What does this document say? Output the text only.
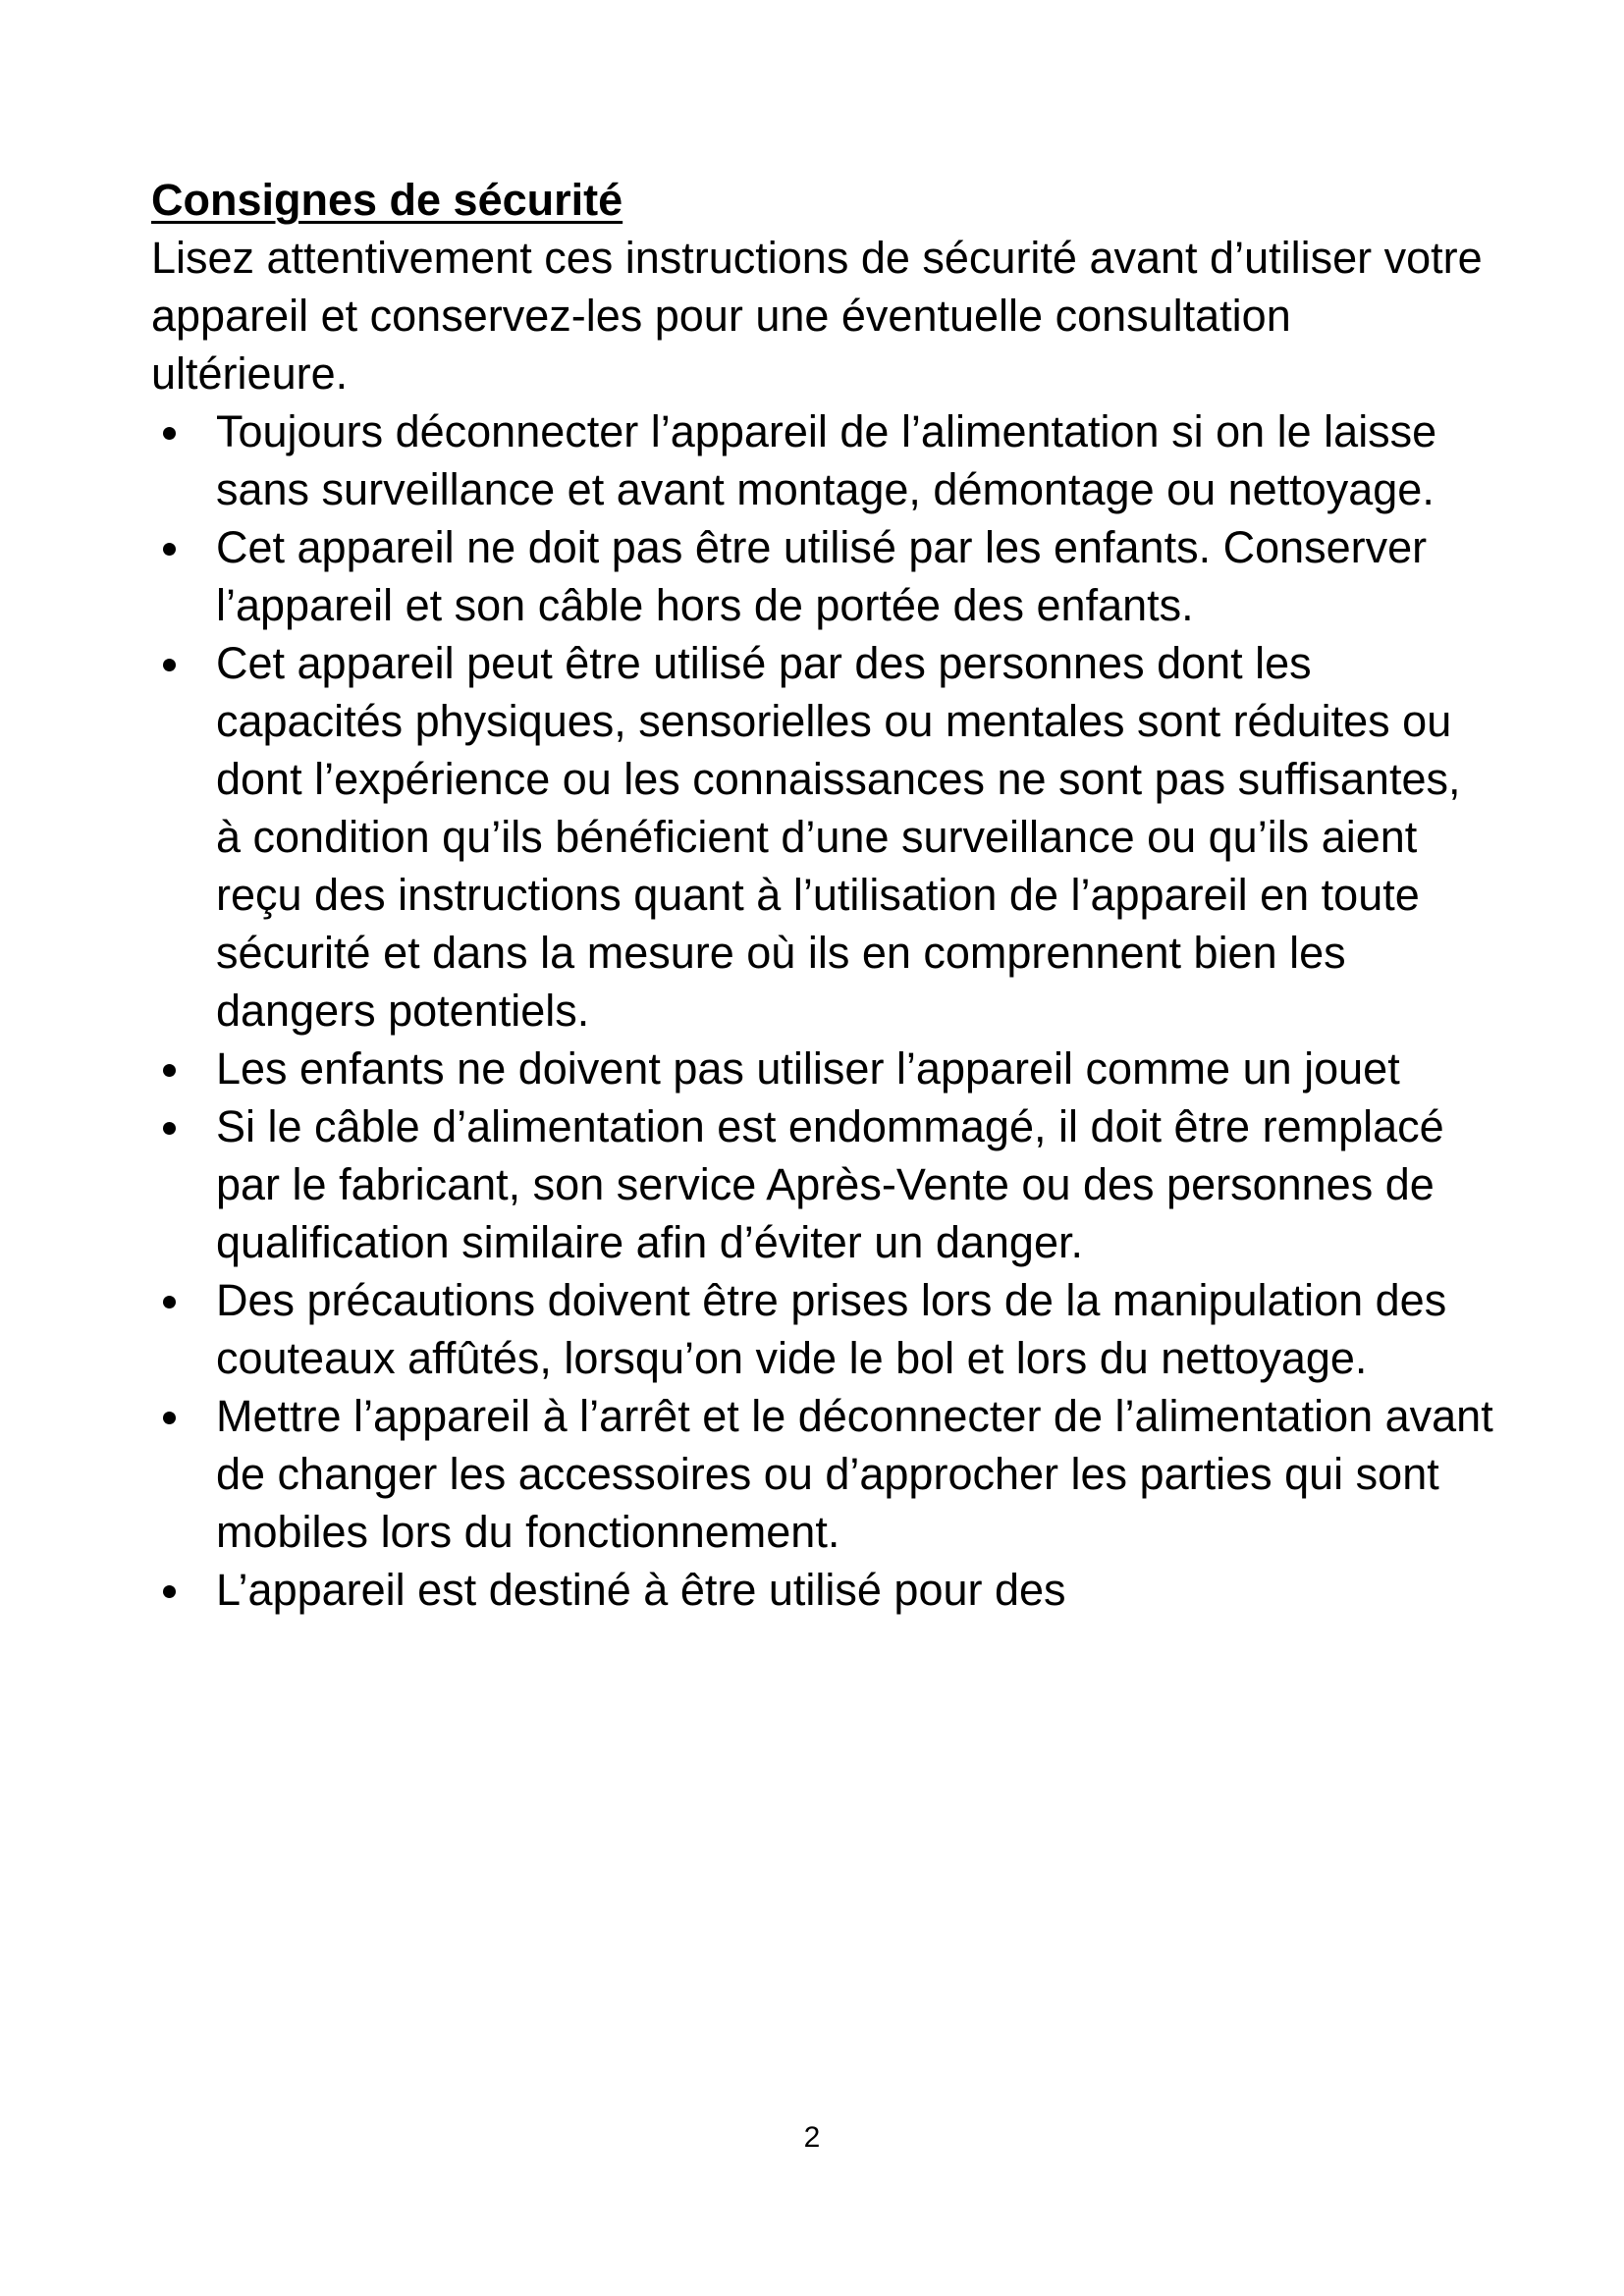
Consignes de sécurité

Lisez attentivement ces instructions de sécurité avant d’utiliser votre appareil et conservez-les pour une éventuelle consultation ultérieure.

Toujours déconnecter l’appareil de l’alimentation si on le laisse sans surveillance et avant montage, démontage ou nettoyage.
Cet appareil ne doit pas être utilisé par les enfants. Conserver l’appareil et son câble hors de portée des enfants.
Cet appareil peut être utilisé par des personnes dont les capacités physiques, sensorielles ou mentales sont réduites ou dont l’expérience ou les connaissances ne sont pas suffisantes, à condition qu’ils bénéficient d’une surveillance ou qu’ils aient reçu des instructions quant à l’utilisation de l’appareil en toute sécurité et dans la mesure où ils en comprennent bien les dangers potentiels.
Les enfants ne doivent pas utiliser l’appareil comme un jouet
Si le câble d’alimentation est endommagé, il doit être remplacé par le fabricant, son service Après-Vente ou des personnes de qualification similaire afin d’éviter un danger.
Des précautions doivent être prises lors de la manipulation des couteaux affûtés, lorsqu’on vide le bol et lors du nettoyage.
Mettre l’appareil à l’arrêt et le déconnecter de l’alimentation avant de changer les accessoires ou d’approcher les parties qui sont mobiles lors du fonctionnement.
L’appareil est destiné à être utilisé pour des
2
